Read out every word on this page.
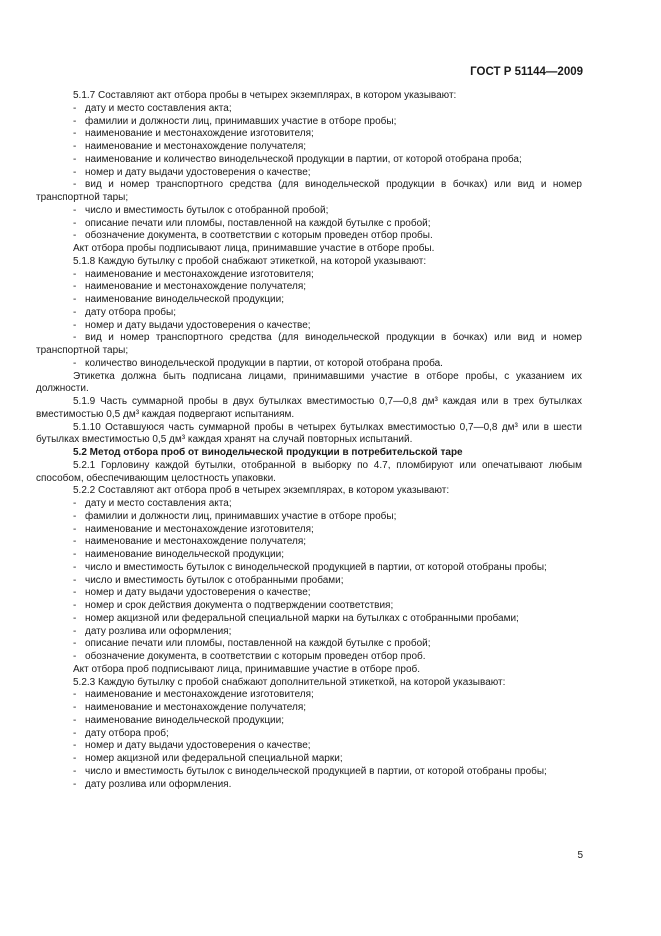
ГОСТ Р 51144—2009

5.1.7 Составляют акт отбора пробы в четырех экземплярах, в котором указывают:

- дату и место составления акта;

- фамилии и должности лиц, принимавших участие в отборе пробы;

- наименование и местонахождение изготовителя;

- наименование и местонахождение получателя;

- наименование и количество винодельческой продукции в партии, от которой отобрана проба;

- номер и дату выдачи удостоверения о качестве;

- вид и номер транспортного средства (для винодельческой продукции в бочках) или вид и номер транспортной тары;

- число и вместимость бутылок с отобранной пробой;

- описание печати или пломбы, поставленной на каждой бутылке с пробой;

- обозначение документа, в соответствии с которым проведен отбор пробы.

Акт отбора пробы подписывают лица, принимавшие участие в отборе пробы.

5.1.8 Каждую бутылку с пробой снабжают этикеткой, на которой указывают:

- наименование и местонахождение изготовителя;

- наименование и местонахождение получателя;

- наименование винодельческой продукции;

- дату отбора пробы;

- номер и дату выдачи удостоверения о качестве;

- вид и номер транспортного средства (для винодельческой продукции в бочках) или вид и номер транспортной тары;

- количество винодельческой продукции в партии, от которой отобрана проба.

Этикетка должна быть подписана лицами, принимавшими участие в отборе пробы, с указанием их должности.

5.1.9 Часть суммарной пробы в двух бутылках вместимостью 0,7—0,8 дм³ каждая или в трех бутылках вместимостью 0,5 дм³ каждая подвергают испытаниям.

5.1.10 Оставшуюся часть суммарной пробы в четырех бутылках вместимостью 0,7—0,8 дм³ или в шести бутылках вместимостью 0,5 дм³ каждая хранят на случай повторных испытаний.

5.2 Метод отбора проб от винодельческой продукции в потребительской таре

5.2.1 Горловину каждой бутылки, отобранной в выборку по 4.7, пломбируют или опечатывают любым способом, обеспечивающим целостность упаковки.

5.2.2 Составляют акт отбора проб в четырех экземплярах, в котором указывают:

- дату и место составления акта;

- фамилии и должности лиц, принимавших участие в отборе пробы;

- наименование и местонахождение изготовителя;

- наименование и местонахождение получателя;

- наименование винодельческой продукции;

- число и вместимость бутылок с винодельческой продукцией в партии, от которой отобраны пробы;

- число и вместимость бутылок с отобранными пробами;

- номер и дату выдачи удостоверения о качестве;

- номер и срок действия документа о подтверждении соответствия;

- номер акцизной или федеральной специальной марки на бутылках с отобранными пробами;

- дату розлива или оформления;

- описание печати или пломбы, поставленной на каждой бутылке с пробой;

- обозначение документа, в соответствии с которым проведен отбор проб.

Акт отбора проб подписывают лица, принимавшие участие в отборе проб.

5.2.3 Каждую бутылку с пробой снабжают дополнительной этикеткой, на которой указывают:

- наименование и местонахождение изготовителя;

- наименование и местонахождение получателя;

- наименование винодельческой продукции;

- дату отбора проб;

- номер и дату выдачи удостоверения о качестве;

- номер акцизной или федеральной специальной марки;

- число и вместимость бутылок с винодельческой продукцией в партии, от которой отобраны пробы;

- дату розлива или оформления.

5
